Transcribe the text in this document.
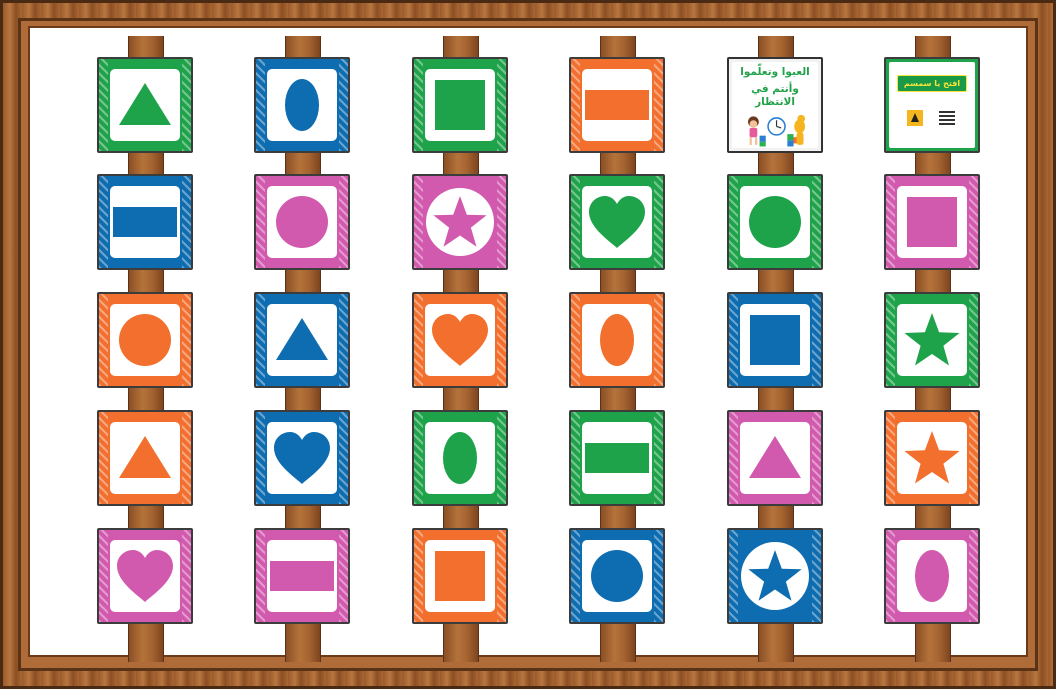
العبوا وتعلّموا
وأنتم في الانتظار
افتح يا سمسم
